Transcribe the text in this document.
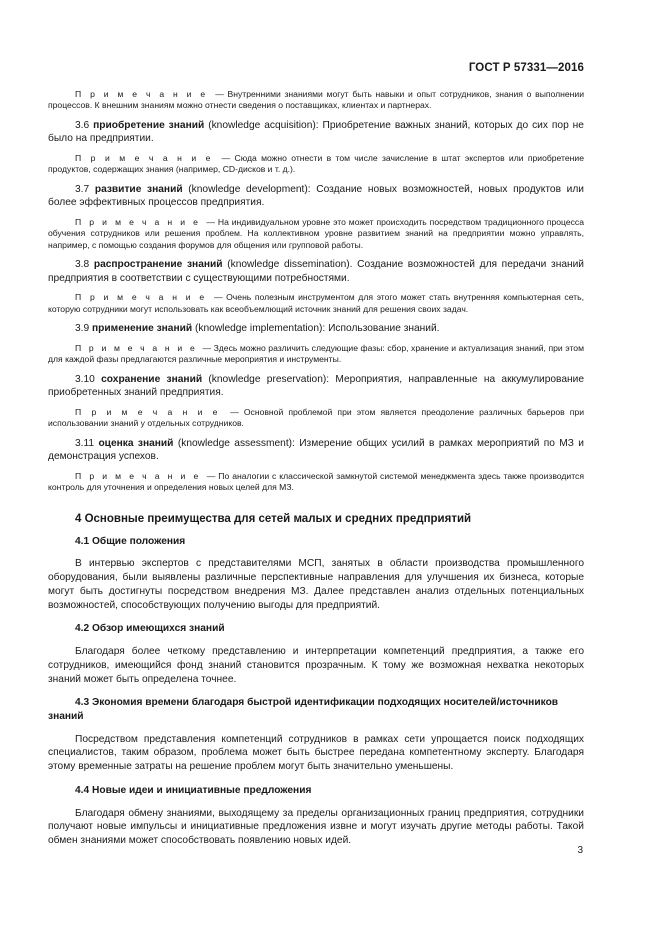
ГОСТ Р 57331—2016

П р и м е ч а н и е — Внутренними знаниями могут быть навыки и опыт сотрудников, знания о выполнении процессов. К внешним знаниям можно отнести сведения о поставщиках, клиентах и партнерах.

3.6 приобретение знаний (knowledge acquisition): Приобретение важных знаний, которых до сих пор не было на предприятии.

П р и м е ч а н и е — Сюда можно отнести в том числе зачисление в штат экспертов или приобретение продуктов, содержащих знания (например, CD-дисков и т. д.).

3.7 развитие знаний (knowledge development): Создание новых возможностей, новых продуктов или более эффективных процессов предприятия.

П р и м е ч а н и е — На индивидуальном уровне это может происходить посредством традиционного процесса обучения сотрудников или решения проблем. На коллективном уровне развитием знаний на предприятии можно управлять, например, с помощью создания форумов для общения или групповой работы.

3.8 распространение знаний (knowledge dissemination). Создание возможностей для передачи знаний предприятия в соответствии с существующими потребностями.

П р и м е ч а н и е — Очень полезным инструментом для этого может стать внутренняя компьютерная сеть, которую сотрудники могут использовать как всеобъемлющий источник знаний для решения своих задач.

3.9 применение знаний (knowledge implementation): Использование знаний.

П р и м е ч а н и е — Здесь можно различить следующие фазы: сбор, хранение и актуализация знаний, при этом для каждой фазы предлагаются различные мероприятия и инструменты.

3.10 сохранение знаний (knowledge preservation): Мероприятия, направленные на аккумулирование приобретенных знаний предприятия.

П р и м е ч а н и е — Основной проблемой при этом является преодоление различных барьеров при использовании знаний у отдельных сотрудников.

3.11 оценка знаний (knowledge assessment): Измерение общих усилий в рамках мероприятий по МЗ и демонстрация успехов.

П р и м е ч а н и е — По аналогии с классической замкнутой системой менеджмента здесь также производится контроль для уточнения и определения новых целей для МЗ.

4 Основные преимущества для сетей малых и средних предприятий
4.1 Общие положения

В интервью экспертов с представителями МСП, занятых в области производства промышленного оборудования, были выявлены различные перспективные направления для улучшения их бизнеса, которые могут быть достигнуты посредством внедрения МЗ. Далее представлен анализ отдельных потенциальных возможностей, способствующих получению выгоды для предприятий.

4.2 Обзор имеющихся знаний

Благодаря более четкому представлению и интерпретации компетенций предприятия, а также его сотрудников, имеющийся фонд знаний становится прозрачным. К тому же возможная нехватка некоторых знаний может быть определена точнее.

4.3 Экономия времени благодаря быстрой идентификации подходящих носителей/источников знаний

Посредством представления компетенций сотрудников в рамках сети упрощается поиск подходящих специалистов, таким образом, проблема может быть быстрее передана компетентному эксперту. Благодаря этому временные затраты на решение проблем могут быть значительно уменьшены.

4.4 Новые идеи и инициативные предложения

Благодаря обмену знаниями, выходящему за пределы организационных границ предприятия, сотрудники получают новые импульсы и инициативные предложения извне и могут изучать другие методы работы. Такой обмен знаниями может способствовать появлению новых идей.

3
